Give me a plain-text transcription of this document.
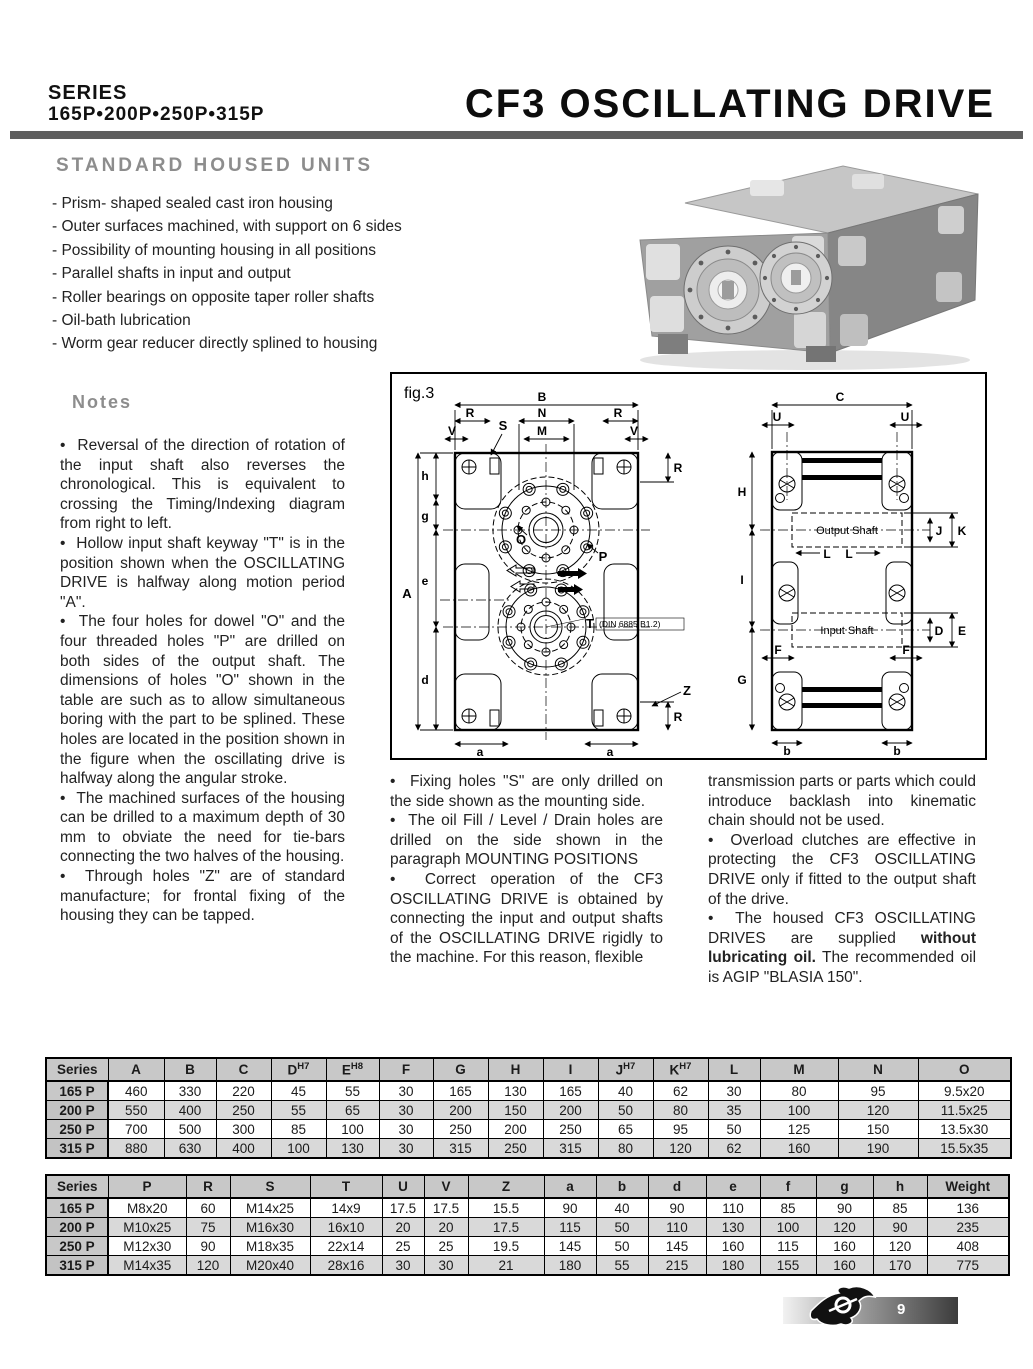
SERIES
165P•200P•250P•315P	CF3 OSCILLATING DRIVE
STANDARD HOUSED UNITS
- Prism- shaped sealed cast iron housing
- Outer surfaces machined, with support on 6 sides
- Possibility of mounting housing in all positions
- Parallel shafts in input and output
- Roller bearings on opposite taper roller shafts
- Oil-bath lubrication
- Worm gear reducer directly splined to housing
Notes

•  Reversal of the direction of rotation of the input shaft also reverses the chronological. This is equivalent to crossing the Timing/Indexing diagram from right to left.

•  Hollow input shaft keyway "T" is in the position shown when the OSCILLATING DRIVE is halfway along motion period "A".

•  The four holes for dowel "O" and the four threaded holes "P" are drilled on both sides of the output shaft. The dimensions of holes "O" shown in the table are such as to allow simultaneous boring with the part to be splined. These holes are located in the position shown in the figure when the oscillating drive is halfway along the angular stroke.

•  The machined surfaces of the housing can be drilled to a maximum depth of 30 mm to obviate the need for tie-bars connecting the two halves of the housing.

•  Through holes "Z" are of standard manufacture; for frontal fixing of the housing they can be tapped.

fig.3	B
N
M
R	R
V	V
S
A
h
g
e
d
a	a
R
R
Z
O
P
T (DIN 6885 B1.2)
Output Shaft
Input Shaft
C
U	U
H
I
G
J K
L L
D E
F	F
b	b

•  Fixing holes "S" are only drilled on the side shown as the mounting side.

•  The oil Fill / Level / Drain holes are drilled on the side shown in the paragraph MOUNTING POSITIONS

•  Correct operation of the CF3 OSCILLATING DRIVE is obtained by connecting the input and output shafts of the OSCILLATING DRIVE rigidly to the machine. For this reason, flexible

transmission parts or parts which could introduce backlash into kinematic chain should not be used.

•  Overload clutches are effective in protecting the CF3 OSCILLATING DRIVE only if fitted to the output shaft of the drive.

•  The housed CF3 OSCILLATING DRIVES are supplied without lubricating oil. The recommended oil is AGIP "BLASIA 150".

Series	A	B	C	$D^{H7}$	$E^{H8}$	F	G	H	I	$J^{H7}$	$K^{H7}$	L	M	N	O
165 P	460	330	220	45	55	30	165	130	165	40	62	30	80	95	9.5x20
200 P	550	400	250	55	65	30	200	150	200	50	80	35	100	120	11.5x25
250 P	700	500	300	85	100	30	250	200	250	65	95	50	125	150	13.5x30
315 P	880	630	400	100	130	30	315	250	315	80	120	62	160	190	15.5x35
Series	P	R	S	T	U	V	Z	a	b	d	e	f	g	h	Weight
165 P	M8x20	60	M14x25	14x9	17.5	17.5	15.5	90	40	90	110	85	90	85	136
200 P	M10x25	75	M16x30	16x10	20	20	17.5	115	50	110	130	100	120	90	235
250 P	M12x30	90	M18x35	22x14	25	25	19.5	145	50	145	160	115	160	120	408
315 P	M14x35	120	M20x40	28x16	30	30	21	180	55	215	180	155	160	170	775
9
